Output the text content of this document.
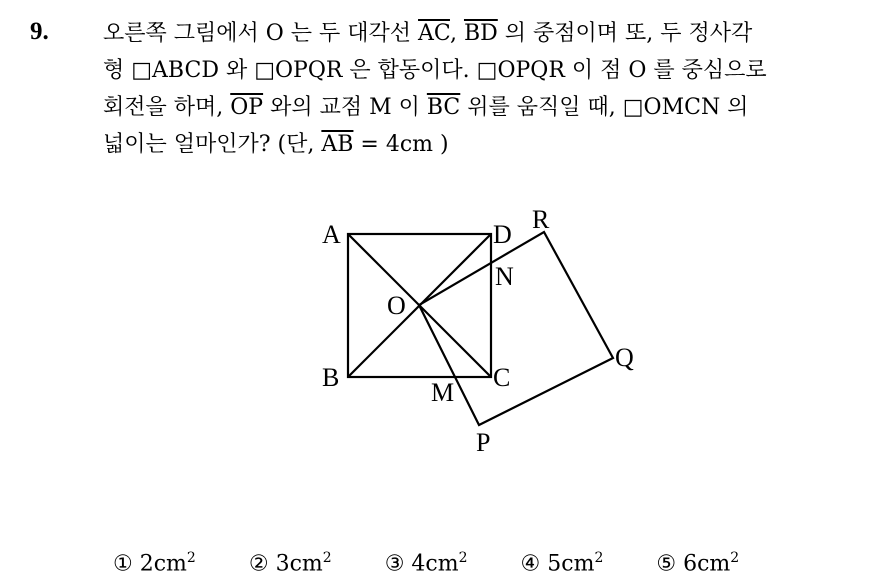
9. 오른쪽 그림에서 O 는 두 대각선 $\overline{AC}$, $\overline{BD}$ 의 중점이며 또, 두 정사각
형 □ABCD 와 □OPQR 은 합동이다. □OPQR 이 점 O 를 중심으로
회전을 하며, $\overline{OP}$ 와의 교점 M 이 $\overline{BC}$ 위를 움직일 때, □OMCN 의
넓이는 얼마인가? (단, $\overline{AB} = 4cm$ )
A	D
R
N
O
Q
B	C
M
P
① $2cm^2$ ② $3cm^2$ ③ $4cm^2$ ④ $5cm^2$ ⑤ $6cm^2$
